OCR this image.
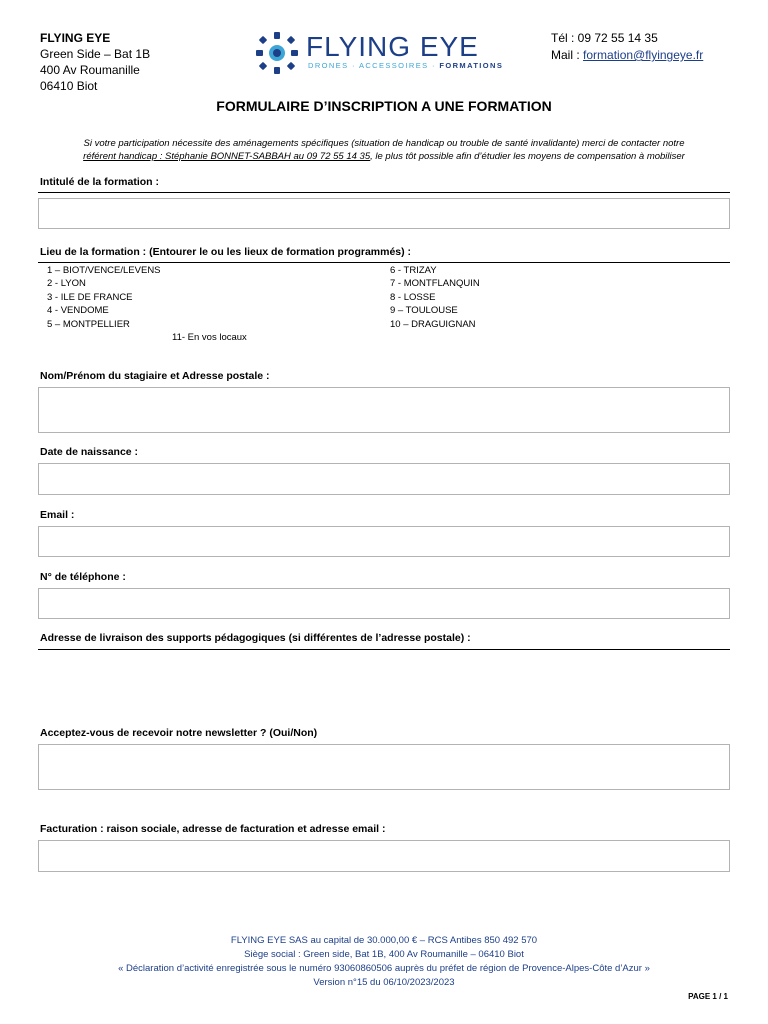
FLYING EYE
Green Side – Bat 1B
400 Av Roumanille
06410 Biot
FLYING EYE
DRONES · ACCESSOIRES · FORMATIONS
Tél : 09 72 55 14 35
Mail : formation@flyingeye.fr
FORMULAIRE D’INSCRIPTION A UNE FORMATION
Si votre participation nécessite des aménagements spécifiques (situation de handicap ou trouble de santé invalidante) merci de contacter notre
référent handicap : Stéphanie BONNET-SABBAH au 09 72 55 14 35, le plus tôt possible afin d’étudier les moyens de compensation à mobiliser
Intitulé de la formation :
Lieu de la formation : (Entourer le ou les lieux de formation programmés) :
1 – BIOT/VENCE/LEVENS
2 - LYON
3 - ILE DE FRANCE
4 - VENDOME
5 – MONTPELLIER
6 - TRIZAY
7 - MONTFLANQUIN
8 - LOSSE
9 – TOULOUSE
10 – DRAGUIGNAN
11- En vos locaux
Nom/Prénom du stagiaire et Adresse postale :
Date de naissance :
Email :
N° de téléphone :
Adresse de livraison des supports pédagogiques (si différentes de l’adresse postale) :
Acceptez-vous de recevoir notre newsletter ? (Oui/Non)
Facturation : raison sociale, adresse de facturation et adresse email :
FLYING EYE SAS au capital de 30.000,00 € – RCS Antibes 850 492 570
Siège social : Green side, Bat 1B, 400 Av Roumanille – 06410 Biot
« Déclaration d’activité enregistrée sous le numéro 93060860506 auprès du préfet de région de Provence-Alpes-Côte d’Azur »
Version n°15 du 06/10/2023/2023
PAGE 1 / 1
